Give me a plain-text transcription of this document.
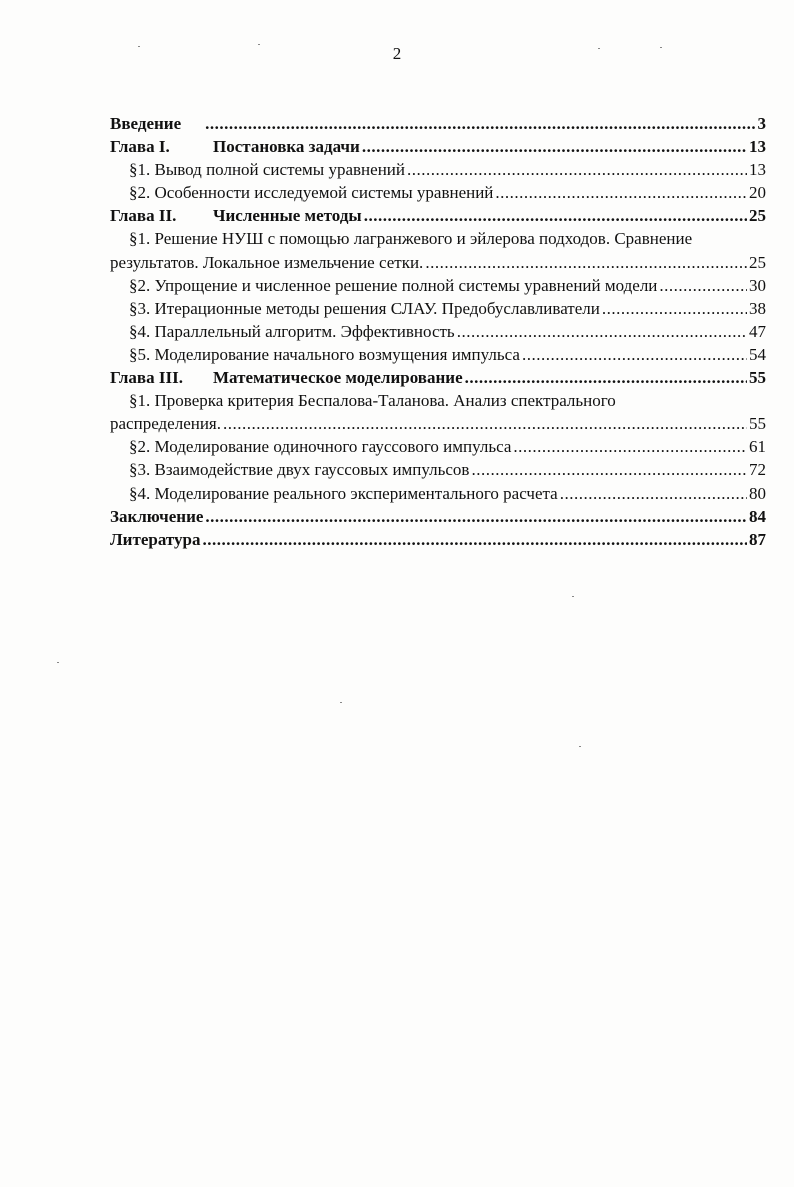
2
Введение .....	3
Глава I.	Постановка задачи .....	13
§1. Вывод полной системы уравнений .....	13
§2. Особенности исследуемой системы уравнений .....	20
Глава II.	Численные методы .....	25
§1. Решение НУШ с помощью лагранжевого и эйлерова подходов. Сравнение
результатов. Локальное измельчение сетки. .....	25
§2. Упрощение и численное решение полной системы уравнений модели .....	30
§3. Итерационные методы решения СЛАУ. Предобуславливатели .....	38
§4. Параллельный алгоритм. Эффективность .....	47
§5. Моделирование начального возмущения импульса .....	54
Глава III.	Математическое моделирование .....	55
§1. Проверка критерия Беспалова-Таланова. Анализ спектрального
распределения. .....	55
§2. Моделирование одиночного гауссового импульса .....	61
§3. Взаимодействие двух гауссовых импульсов .....	72
§4. Моделирование реального экспериментального расчета .....	80
Заключение .....	84
Литература .....	87
